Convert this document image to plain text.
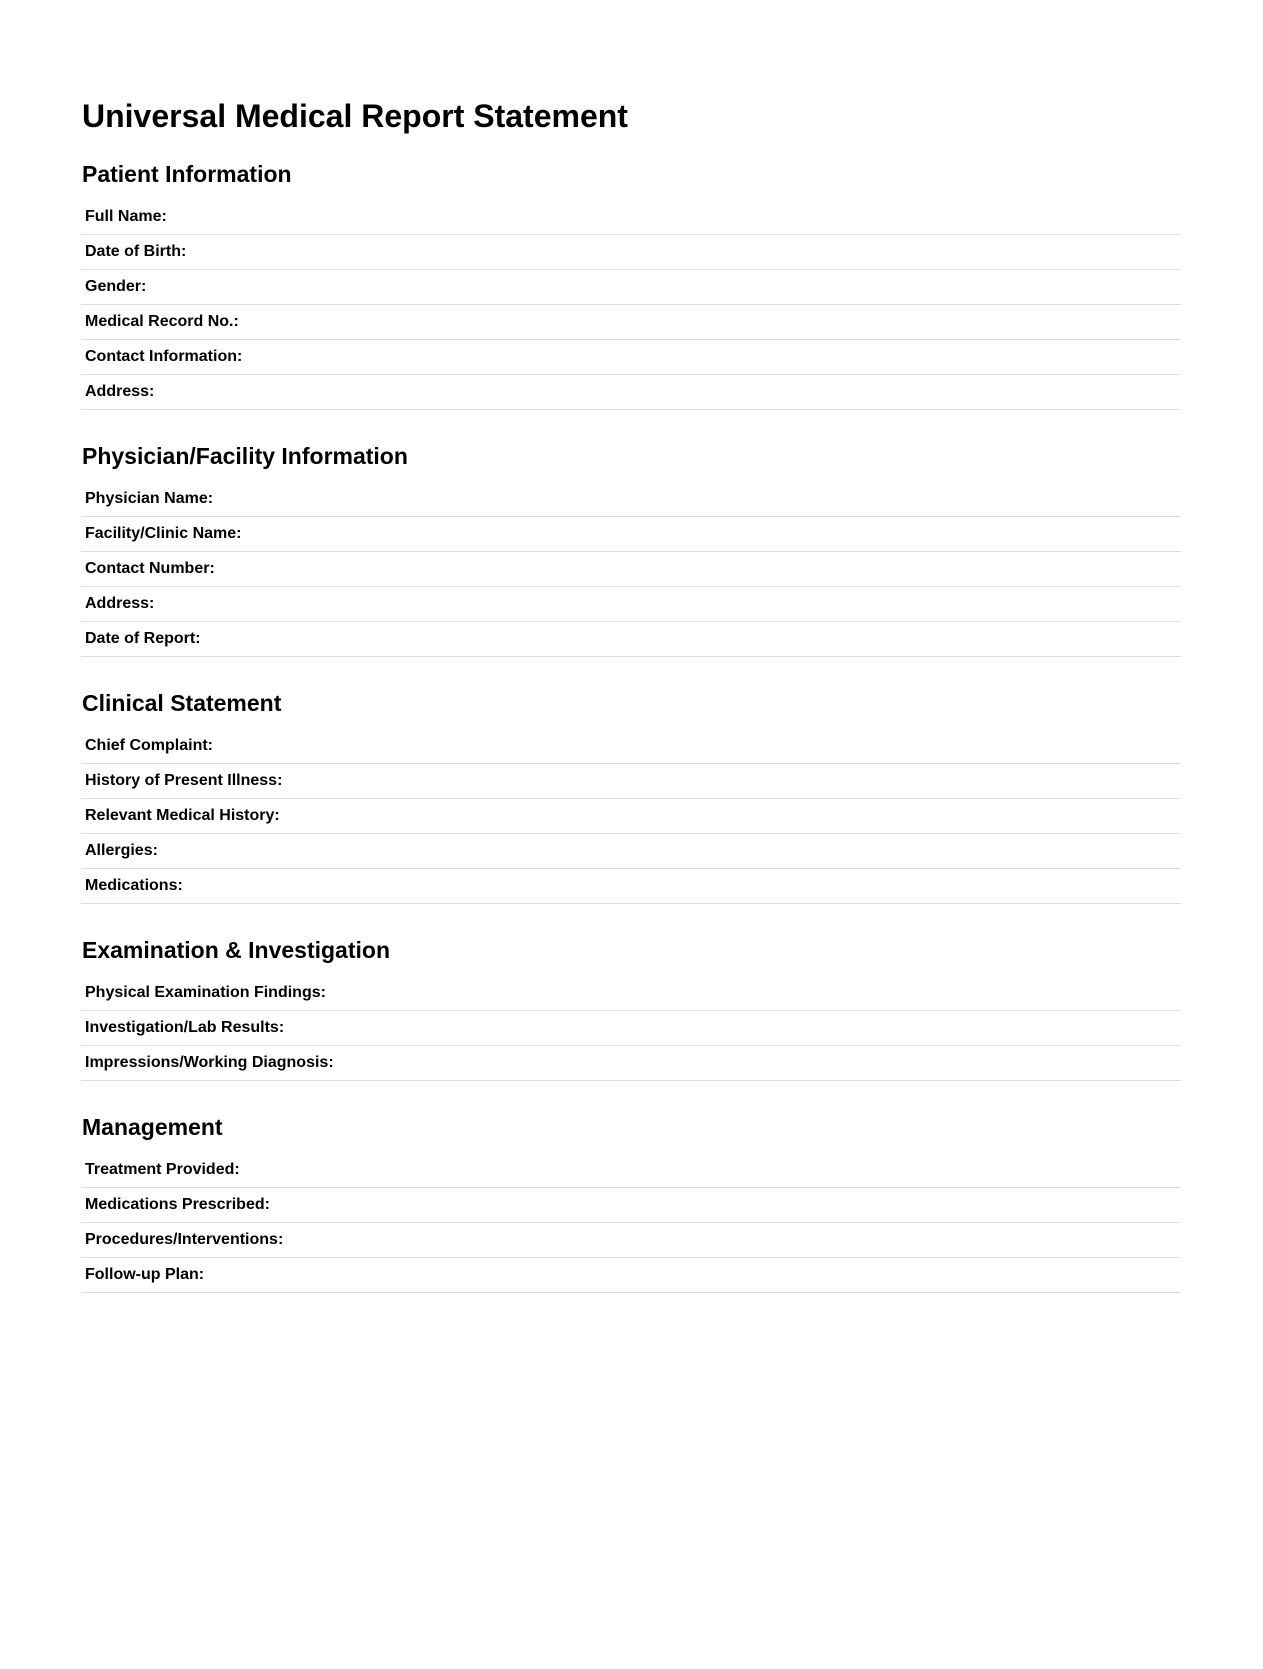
Universal Medical Report Statement
Patient Information
Full Name:
Date of Birth:
Gender:
Medical Record No.:
Contact Information:
Address:
Physician/Facility Information
Physician Name:
Facility/Clinic Name:
Contact Number:
Address:
Date of Report:
Clinical Statement
Chief Complaint:
History of Present Illness:
Relevant Medical History:
Allergies:
Medications:
Examination & Investigation
Physical Examination Findings:
Investigation/Lab Results:
Impressions/Working Diagnosis:
Management
Treatment Provided:
Medications Prescribed:
Procedures/Interventions:
Follow-up Plan:
